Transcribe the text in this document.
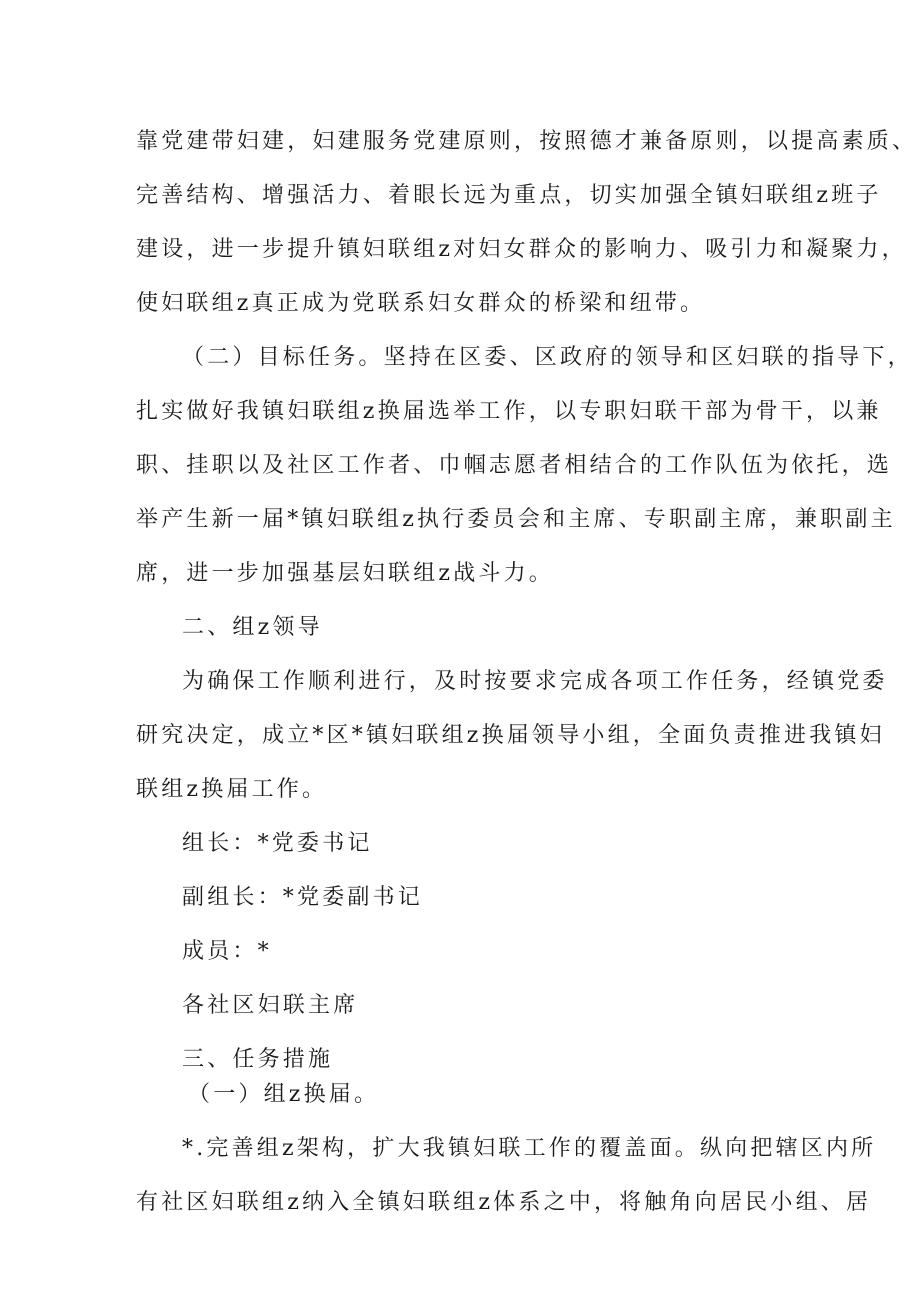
靠党建带妇建，妇建服务党建原则，按照德才兼备原则，以提高素质、
完善结构、增强活力、着眼长远为重点，切实加强全镇妇联组z班子
建设，进一步提升镇妇联组z对妇女群众的影响力、吸引力和凝聚力，
使妇联组z真正成为党联系妇女群众的桥梁和纽带。
（二）目标任务。坚持在区委、区政府的领导和区妇联的指导下，
扎实做好我镇妇联组z换届选举工作，以专职妇联干部为骨干，以兼
职、挂职以及社区工作者、巾帼志愿者相结合的工作队伍为依托，选
举产生新一届*镇妇联组z执行委员会和主席、专职副主席，兼职副主
席，进一步加强基层妇联组z战斗力。
二、组z领导
为确保工作顺利进行，及时按要求完成各项工作任务，经镇党委
研究决定，成立*区*镇妇联组z换届领导小组，全面负责推进我镇妇
联组z换届工作。
组长：*党委书记
副组长：*党委副书记
成员：*
各社区妇联主席
三、任务措施
（一）组z换届。
*.完善组z架构，扩大我镇妇联工作的覆盖面。纵向把辖区内所
有社区妇联组z纳入全镇妇联组z体系之中，将触角向居民小组、居
